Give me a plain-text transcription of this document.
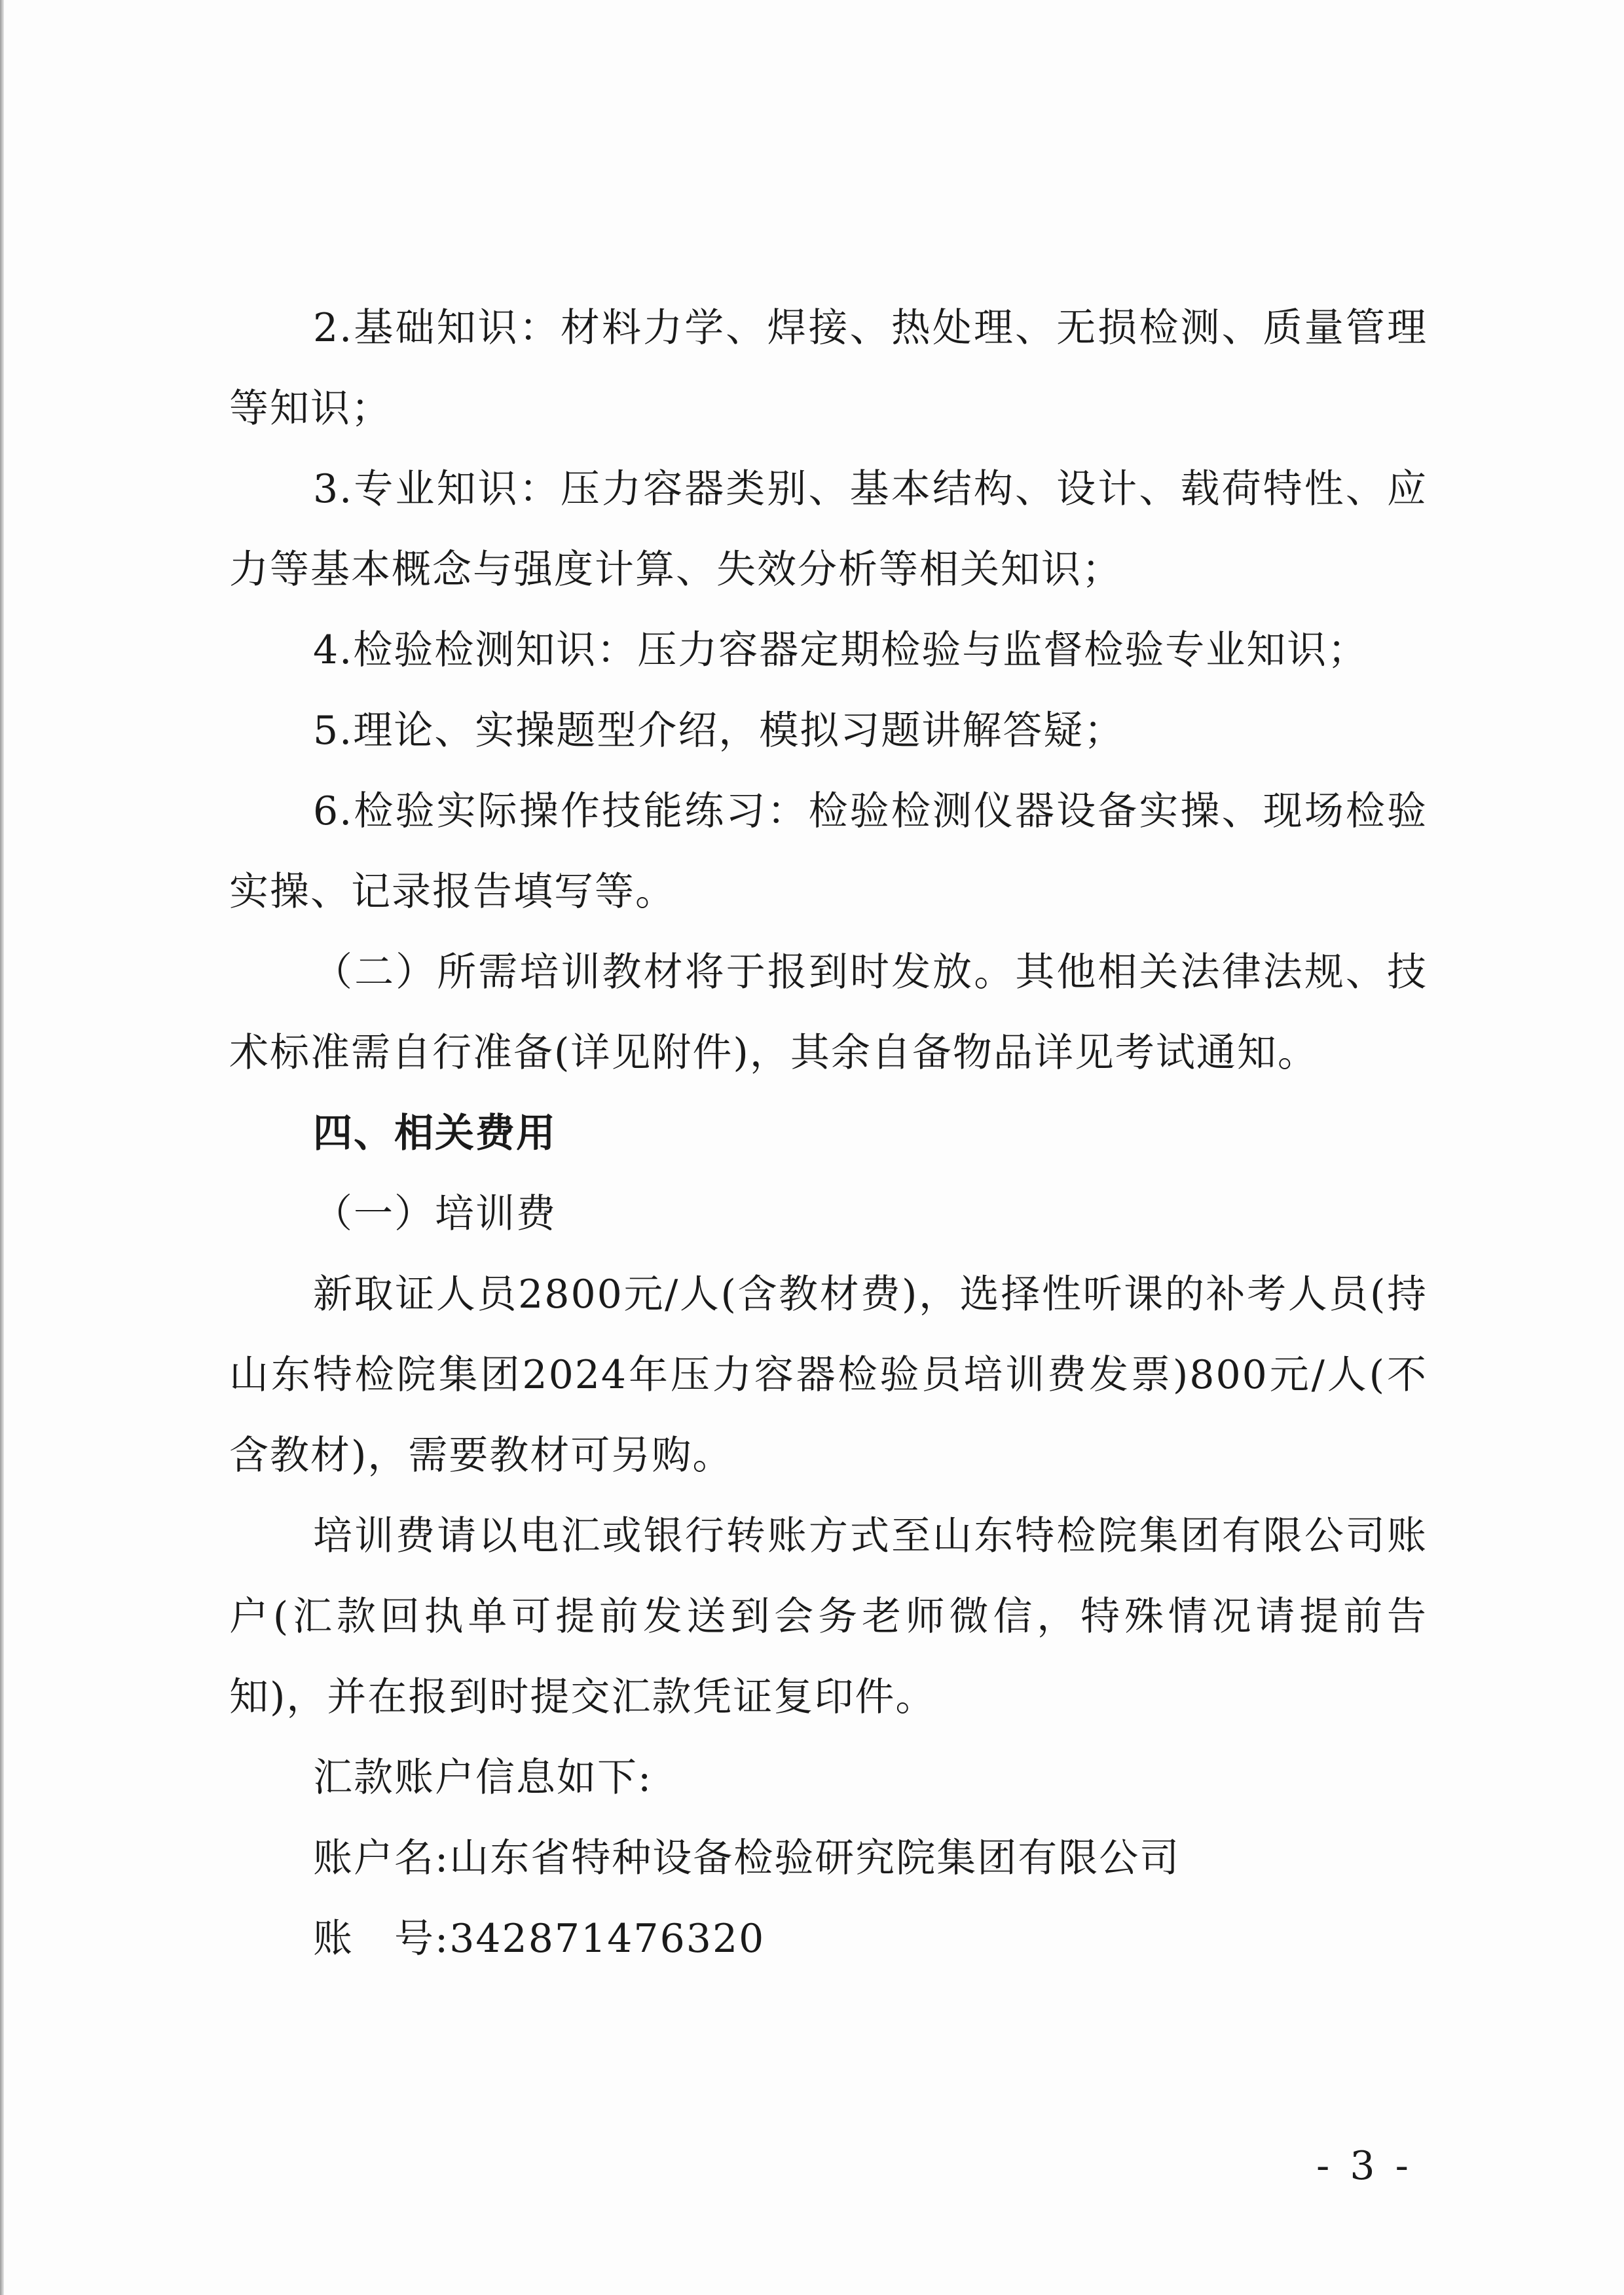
2.基础知识：材料力学、焊接、热处理、无损检测、质量管理等知识；
3.专业知识：压力容器类别、基本结构、设计、载荷特性、应力等基本概念与强度计算、失效分析等相关知识；
4.检验检测知识：压力容器定期检验与监督检验专业知识；
5.理论、实操题型介绍，模拟习题讲解答疑；
6.检验实际操作技能练习：检验检测仪器设备实操、现场检验实操、记录报告填写等。
（二）所需培训教材将于报到时发放。其他相关法律法规、技术标准需自行准备(详见附件)，其余自备物品详见考试通知。
四、相关费用
（一）培训费
新取证人员2800元/人(含教材费)，选择性听课的补考人员(持山东特检院集团2024年压力容器检验员培训费发票)800元/人(不含教材)，需要教材可另购。
培训费请以电汇或银行转账方式至山东特检院集团有限公司账户(汇款回执单可提前发送到会务老师微信，特殊情况请提前告知)，并在报到时提交汇款凭证复印件。
汇款账户信息如下:
账户名:山东省特种设备检验研究院集团有限公司
账　号:342871476320
- 3 -
